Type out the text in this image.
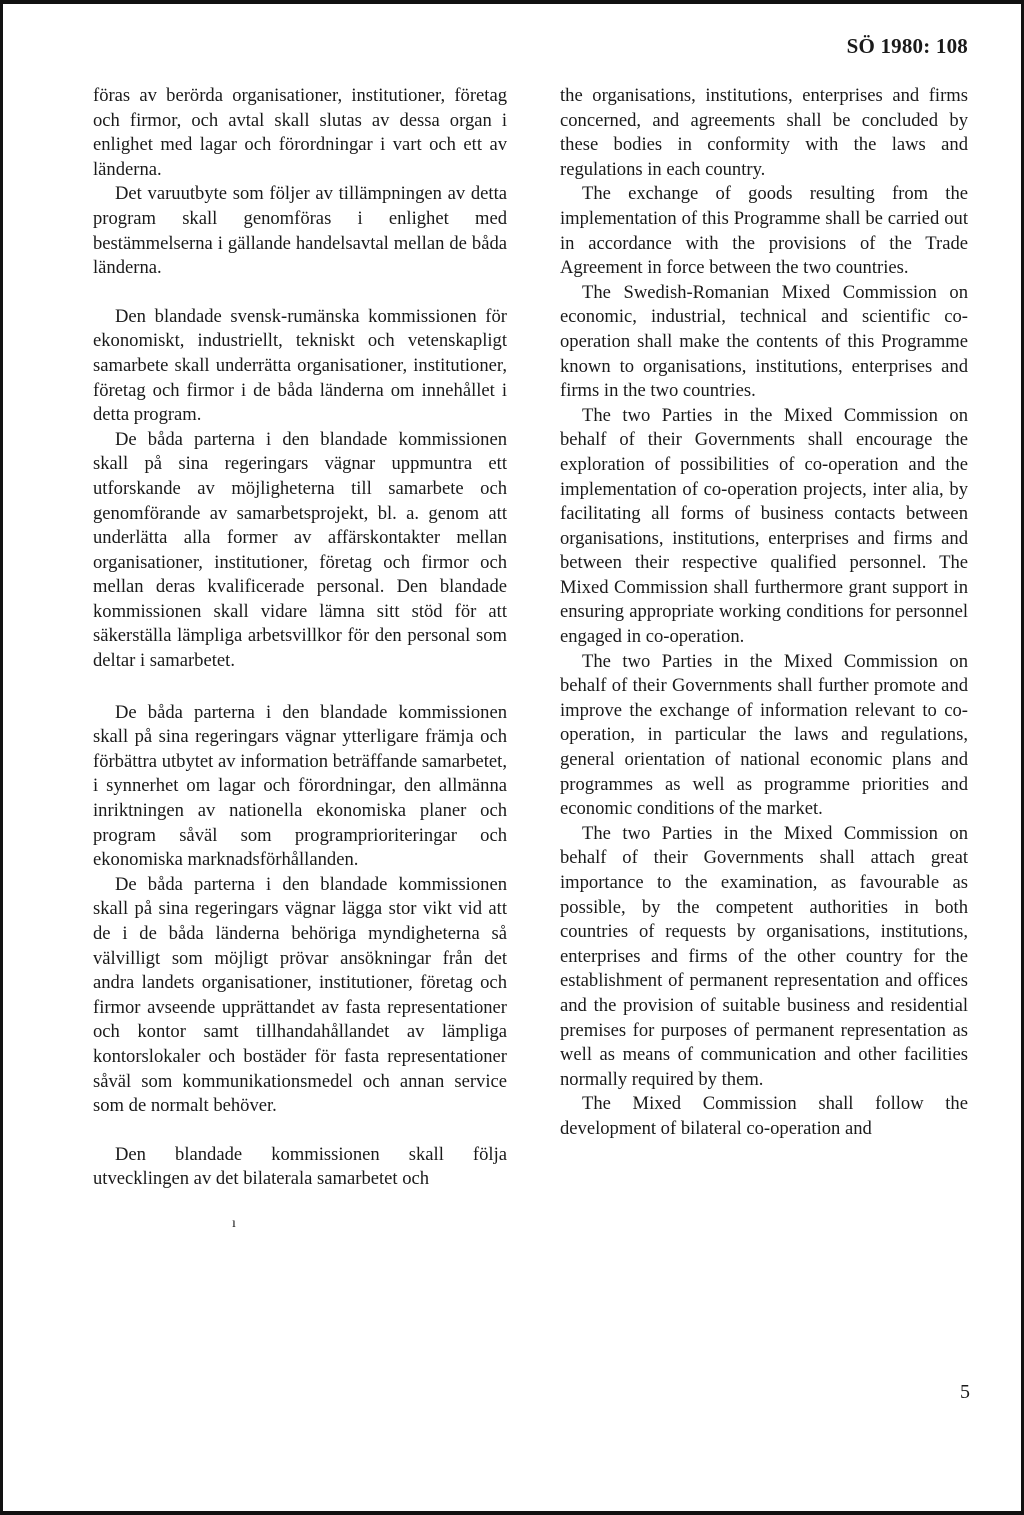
SÖ 1980: 108

föras av berörda organisationer, institutioner, företag och firmor, och avtal skall slutas av dessa organ i enlighet med lagar och förordningar i vart och ett av länderna.

Det varuutbyte som följer av tillämpningen av detta program skall genomföras i enlighet med bestämmelserna i gällande handelsavtal mellan de båda länderna.

Den blandade svensk-rumänska kommissionen för ekonomiskt, industriellt, tekniskt och vetenskapligt samarbete skall underrätta organisationer, institutioner, företag och firmor i de båda länderna om innehållet i detta program.

De båda parterna i den blandade kommissionen skall på sina regeringars vägnar uppmuntra ett utforskande av möjligheterna till samarbete och genomförande av samarbetsprojekt, bl. a. genom att underlätta alla former av affärskontakter mellan organisationer, institutioner, företag och firmor och mellan deras kvalificerade personal. Den blandade kommissionen skall vidare lämna sitt stöd för att säkerställa lämpliga arbetsvillkor för den personal som deltar i samarbetet.

De båda parterna i den blandade kommissionen skall på sina regeringars vägnar ytterligare främja och förbättra utbytet av information beträffande samarbetet, i synnerhet om lagar och förordningar, den allmänna inriktningen av nationella ekonomiska planer och program såväl som programprioriteringar och ekonomiska marknadsförhållanden.

De båda parterna i den blandade kommissionen skall på sina regeringars vägnar lägga stor vikt vid att de i de båda länderna behöriga myndigheterna så välvilligt som möjligt prövar ansökningar från det andra landets organisationer, institutioner, företag och firmor avseende upprättandet av fasta representationer och kontor samt tillhandahållandet av lämpliga kontorslokaler och bostäder för fasta representationer såväl som kommunikationsmedel och annan service som de normalt behöver.

Den blandade kommissionen skall följa utvecklingen av det bilaterala samarbetet och

the organisations, institutions, enterprises and firms concerned, and agreements shall be concluded by these bodies in conformity with the laws and regulations in each country.

The exchange of goods resulting from the implementation of this Programme shall be carried out in accordance with the provisions of the Trade Agreement in force between the two countries.

The Swedish-Romanian Mixed Commission on economic, industrial, technical and scientific co-operation shall make the contents of this Programme known to organisations, institutions, enterprises and firms in the two countries.

The two Parties in the Mixed Commission on behalf of their Governments shall encourage the exploration of possibilities of co-operation and the implementation of co-operation projects, inter alia, by facilitating all forms of business contacts between organisations, institutions, enterprises and firms and between their respective qualified personnel. The Mixed Commission shall furthermore grant support in ensuring appropriate working conditions for personnel engaged in co-operation.

The two Parties in the Mixed Commission on behalf of their Governments shall further promote and improve the exchange of information relevant to co-operation, in particular the laws and regulations, general orientation of national economic plans and programmes as well as programme priorities and economic conditions of the market.

The two Parties in the Mixed Commission on behalf of their Governments shall attach great importance to the examination, as favourable as possible, by the competent authorities in both countries of requests by organisations, institutions, enterprises and firms of the other country for the establishment of permanent representation and offices and the provision of suitable business and residential premises for purposes of permanent representation as well as means of communication and other facilities normally required by them.

The Mixed Commission shall follow the development of bilateral co-operation and

ı
5
